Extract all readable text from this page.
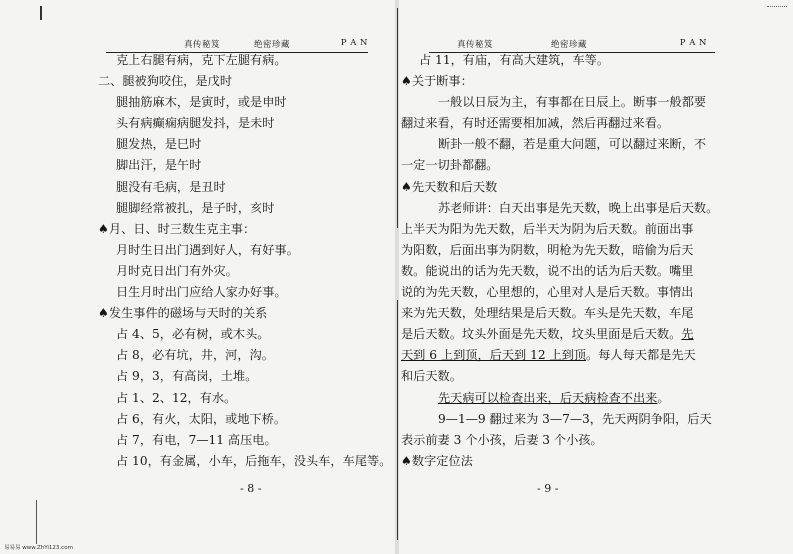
真传秘笈	绝密珍藏	P A N
克上右腿有病，克下左腿有病。
二、腿被狗咬住，是戊时
腿抽筋麻木，是寅时，或是申时
头有病癫痫病腿发抖，是未时
腿发热，是巳时
脚出汗，是午时
腿没有毛病，是丑时
腿脚经常被扎，是子时，亥时
♠月、日、时三数生克主事：
月时生日出门遇到好人，有好事。
月时克日出门有外灾。
日生月时出门应给人家办好事。
♠发生事件的磁场与天时的关系
占 4、5，必有树，或木头。
占 8，必有坑，井，河，沟。
占 9，3，有高岗，土堆。
占 1、2、12，有水。
占 6，有火，太阳，或地下桥。
占 7，有电，7—11 高压电。
占 10，有金属，小车，后拖车，没头车，车尾等。
- 8 -
真传秘笈	绝密珍藏	P A N
占 11，有庙，有高大建筑，车等。
♠关于断事：
一般以日辰为主，有事都在日辰上。断事一般都要
翻过来看，有时还需要相加减，然后再翻过来看。
断卦一般不翻，若是重大问题，可以翻过来断，不
一定一切卦都翻。
♠先天数和后天数
苏老师讲：白天出事是先天数，晚上出事是后天数。
上半天为阳为先天数，后半天为阴为后天数。前面出事
为阳数，后面出事为阴数，明枪为先天数，暗偷为后天
数。能说出的话为先天数，说不出的话为后天数。嘴里
说的为先天数，心里想的，心里对人是后天数。事情出
来为先天数，处理结果是后天数。车头是先天数，车尾
是后天数。坟头外面是先天数，坟头里面是后天数。先
天到 6 上到顶，后天到 12 上到顶。每人每天都是先天
和后天数。
先天病可以检查出来，后天病检查不出来。
9—1—9 翻过来为 3—7—3，先天两阴争阳，后天
表示前妻 3 个小孩，后妻 3 个小孩。
♠数字定位法
- 9 -
易易易 www.ZhYi123.com
